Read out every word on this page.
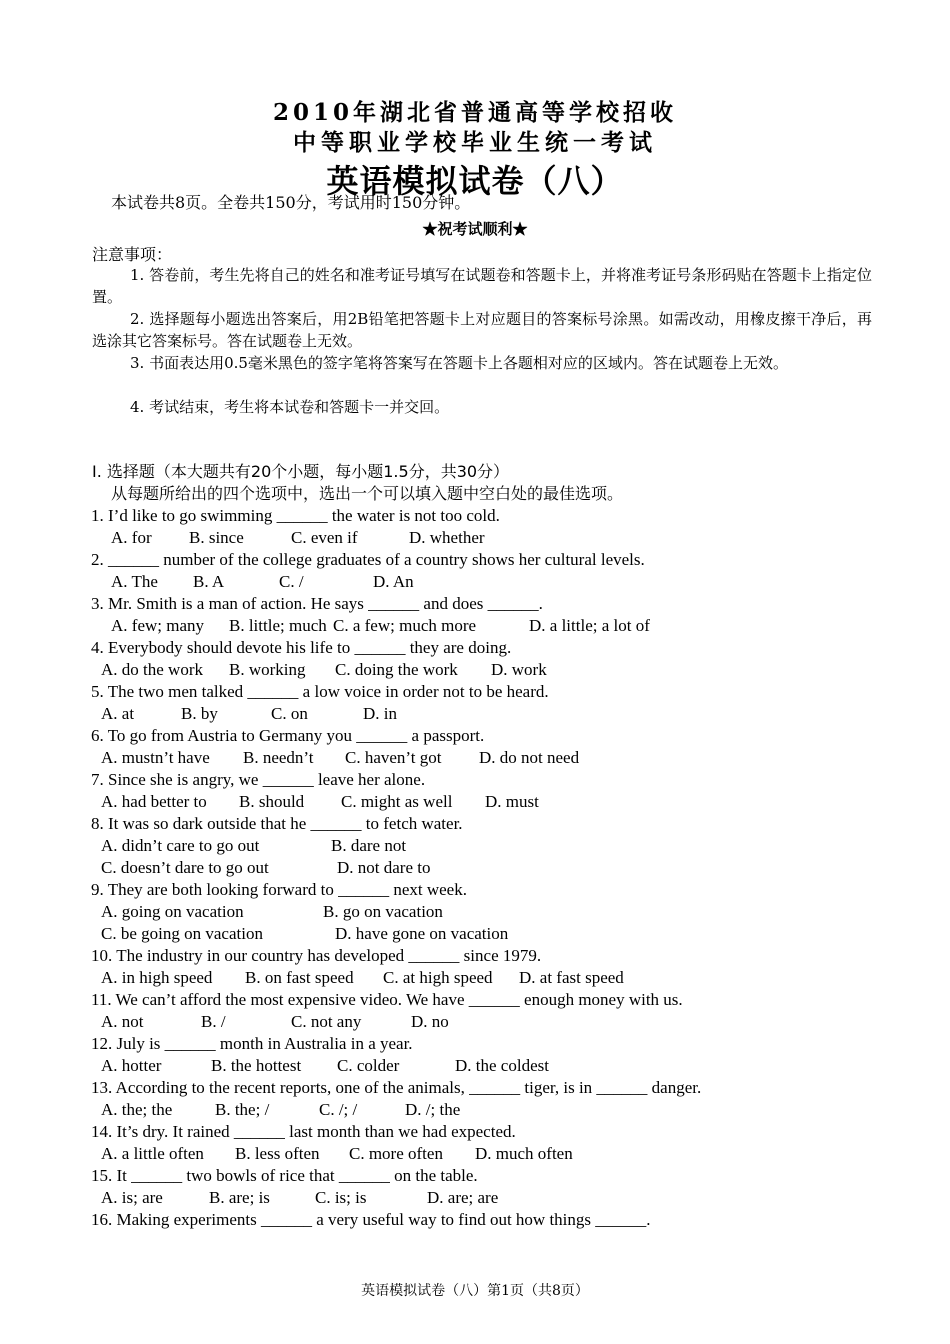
2010年湖北省普通高等学校招收
中等职业学校毕业生统一考试
英语模拟试卷（八）
本试卷共8页。全卷共150分，考试用时150分钟。
★祝考试顺利★
注意事项：
1. 答卷前，考生先将自己的姓名和准考证号填写在试题卷和答题卡上，并将准考证号条形码贴在答题卡上指定位置。
2. 选择题每小题选出答案后，用2B铅笔把答题卡上对应题目的答案标号涂黑。如需改动，用橡皮擦干净后，再选涂其它答案标号。答在试题卷上无效。
3. 书面表达用0.5毫米黑色的签字笔将答案写在答题卡上各题相对应的区域内。答在试题卷上无效。
4. 考试结束，考生将本试卷和答题卡一并交回。
I. 选择题（本大题共有20个小题，每小题1.5分，共30分）
从每题所给出的四个选项中，选出一个可以填入题中空白处的最佳选项。
1. I’d like to go swimming ______ the water is not too cold.
A. for B. since	C. even if	D. whether
2. ______ number of the college graduates of a country shows her cultural levels.
A. The B. A	C. /	D. An
3. Mr. Smith is a man of action. He says ______ and does ______.
A. few; many B. little; much C. a few; much more	D. a little; a lot of
4. Everybody should devote his life to ______ they are doing.
A. do the work B. working C. doing the work D. work
5. The two men talked ______ a low voice in order not to be heard.
A. at	B. by	C. on	D. in
6. To go from Austria to Germany you ______ a passport.
A. mustn’t have B. needn’t C. haven’t got D. do not need
7. Since she is angry, we ______ leave her alone.
A. had better to B. should C. might as well D. must
8. It was so dark outside that he ______ to fetch water.
A. didn’t care to go out	B. dare not
C. doesn’t dare to go out	D. not dare to
9. They are both looking forward to ______ next week.
A. going on vacation	B. go on vacation
C. be going on vacation	D. have gone on vacation
10. The industry in our country has developed ______ since 1979.
A. in high speed B. on fast speed C. at high speed D. at fast speed
11. We can’t afford the most expensive video. We have ______ enough money with us.
A. not	B. /	C. not any	D. no
12. July is ______ month in Australia in a year.
A. hotter	B. the hottest C. colder	D. the coldest
13. According to the recent reports, one of the animals, ______ tiger, is in ______ danger.
A. the; the	B. the; /	C. /; /	D. /; the
14. It’s dry. It rained ______ last month than we had expected.
A. a little often B. less often C. more often D. much often
15. It ______ two bowls of rice that ______ on the table.
A. is; are	B. are; is	C. is; is	D. are; are
16. Making experiments ______ a very useful way to find out how things ______.
英语模拟试卷（八）第1页（共8页）
